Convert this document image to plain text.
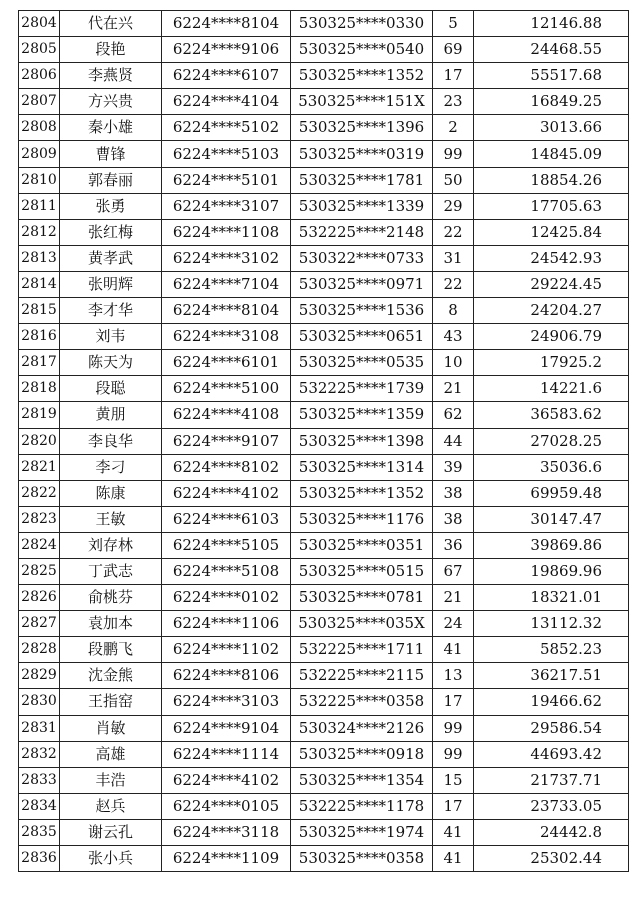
2804	代在兴	6224****8104	530325****0330	5	12146.88
2805	段艳	6224****9106	530325****0540	69	24468.55
2806	李燕贤	6224****6107	530325****1352	17	55517.68
2807	方兴贵	6224****4104	530325****151X	23	16849.25
2808	秦小雄	6224****5102	530325****1396	2	3013.66
2809	曹锋	6224****5103	530325****0319	99	14845.09
2810	郭春丽	6224****5101	530325****1781	50	18854.26
2811	张勇	6224****3107	530325****1339	29	17705.63
2812	张红梅	6224****1108	532225****2148	22	12425.84
2813	黄孝武	6224****3102	530322****0733	31	24542.93
2814	张明辉	6224****7104	530325****0971	22	29224.45
2815	李才华	6224****8104	530325****1536	8	24204.27
2816	刘韦	6224****3108	530325****0651	43	24906.79
2817	陈天为	6224****6101	530325****0535	10	17925.2
2818	段聪	6224****5100	532225****1739	21	14221.6
2819	黄朋	6224****4108	530325****1359	62	36583.62
2820	李良华	6224****9107	530325****1398	44	27028.25
2821	李刁	6224****8102	530325****1314	39	35036.6
2822	陈康	6224****4102	530325****1352	38	69959.48
2823	王敏	6224****6103	530325****1176	38	30147.47
2824	刘存林	6224****5105	530325****0351	36	39869.86
2825	丁武志	6224****5108	530325****0515	67	19869.96
2826	俞桃芬	6224****0102	530325****0781	21	18321.01
2827	袁加本	6224****1106	530325****035X	24	13112.32
2828	段鹏飞	6224****1102	532225****1711	41	5852.23
2829	沈金熊	6224****8106	532225****2115	13	36217.51
2830	王指窑	6224****3103	532225****0358	17	19466.62
2831	肖敏	6224****9104	530324****2126	99	29586.54
2832	高雄	6224****1114	530325****0918	99	44693.42
2833	丰浩	6224****4102	530325****1354	15	21737.71
2834	赵兵	6224****0105	532225****1178	17	23733.05
2835	谢云孔	6224****3118	530325****1974	41	24442.8
2836	张小兵	6224****1109	530325****0358	41	25302.44
